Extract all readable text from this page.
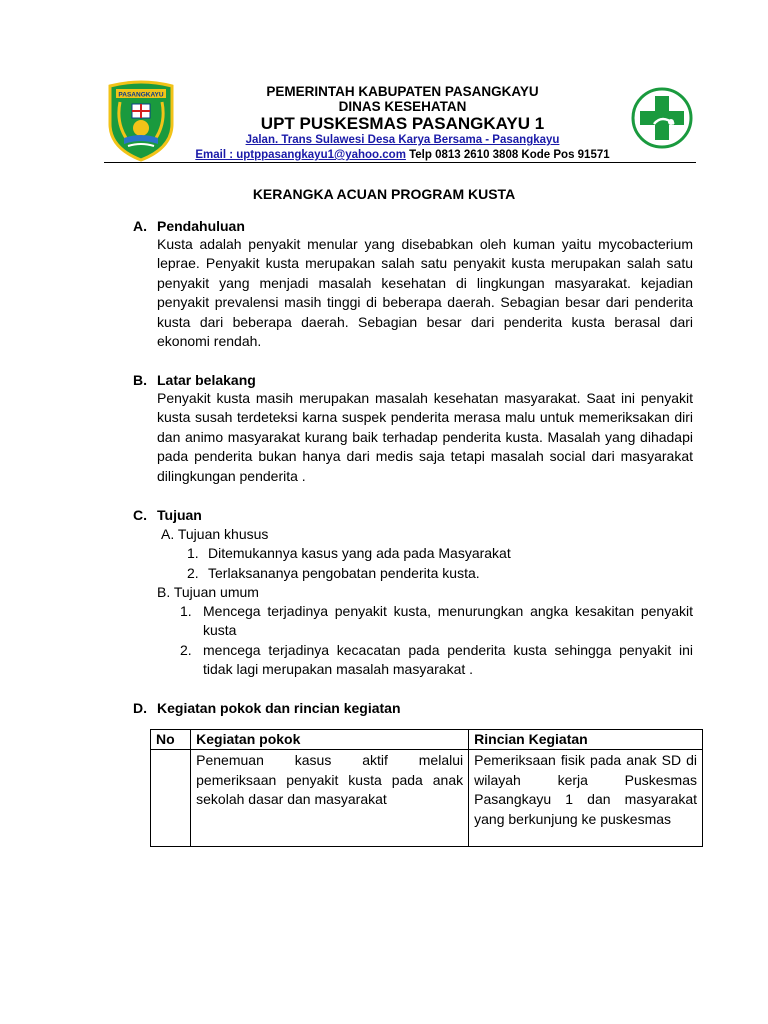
PASANGKAYU	PEMERINTAH KABUPATEN PASANGKAYU
DINAS KESEHATAN
UPT PUSKESMAS PASANGKAYU 1
Jalan. Trans Sulawesi Desa Karya Bersama - Pasangkayu
Email : uptppasangkayu1@yahoo.com Telp 0813 2610 3808 Kode Pos 91571
KERANGKA ACUAN PROGRAM KUSTA
A. Pendahuluan
Kusta adalah penyakit menular yang disebabkan oleh kuman yaitu mycobacterium leprae. Penyakit kusta merupakan salah satu penyakit kusta merupakan salah satu penyakit yang menjadi masalah kesehatan di lingkungan masyarakat. kejadian penyakit prevalensi masih tinggi di beberapa daerah. Sebagian besar dari penderita kusta dari beberapa daerah. Sebagian besar dari penderita kusta berasal dari ekonomi rendah.
B. Latar belakang
Penyakit kusta masih merupakan masalah kesehatan masyarakat. Saat ini penyakit kusta susah terdeteksi karna suspek penderita merasa malu untuk memeriksakan diri dan animo masyarakat kurang baik terhadap penderita kusta. Masalah yang dihadapi pada penderita bukan hanya dari medis saja tetapi masalah social dari masyarakat dilingkungan penderita .
C. Tujuan
A. Tujuan khusus
1. Ditemukannya kasus yang ada pada Masyarakat
2. Terlaksananya pengobatan penderita kusta.
B. Tujuan umum
1. Mencega terjadinya penyakit kusta, menurungkan angka kesakitan penyakit kusta
2. mencega terjadinya kecacatan pada penderita kusta sehingga penyakit ini tidak lagi merupakan masalah masyarakat .
D. Kegiatan pokok dan rincian kegiatan
No	Kegiatan pokok	Rincian Kegiatan
	Penemuan kasus aktif melalui pemeriksaan penyakit kusta pada anak sekolah dasar dan masyarakat	Pemeriksaan fisik pada anak SD di wilayah kerja Puskesmas Pasangkayu 1 dan masyarakat yang berkunjung ke puskesmas
